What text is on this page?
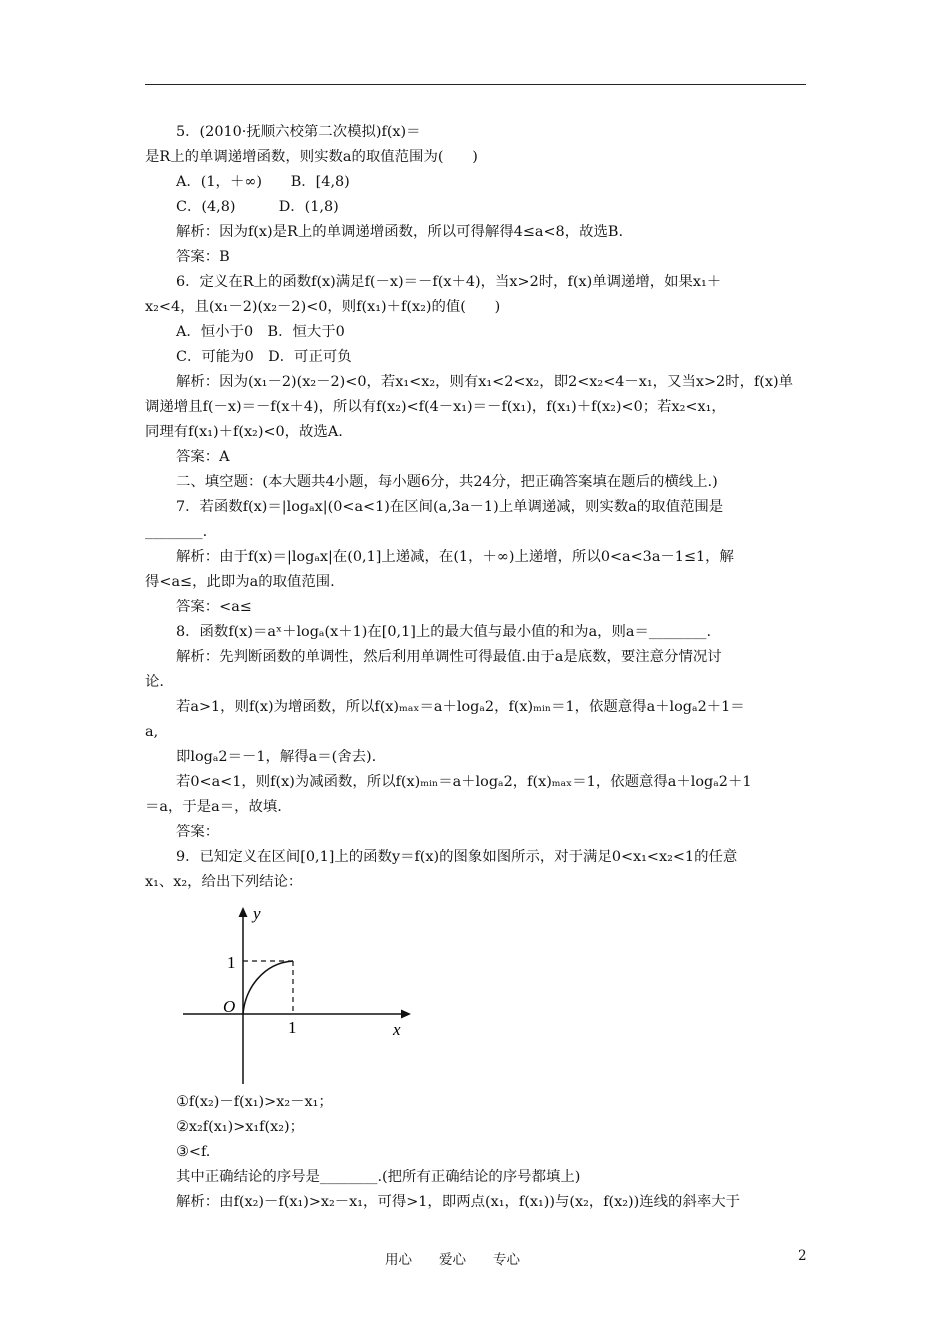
5．(2010·抚顺六校第二次模拟)f(x)＝
是R上的单调递增函数，则实数a的取值范围为(　　)
A．(1，＋∞)　　B．[4,8)
C．(4,8)　　　D．(1,8)
解析：因为f(x)是R上的单调递增函数，所以可得解得4≤a<8，故选B.
答案：B
6．定义在R上的函数f(x)满足f(－x)＝－f(x＋4)，当x>2时，f(x)单调递增，如果x₁＋
x₂<4，且(x₁－2)(x₂－2)<0，则f(x₁)＋f(x₂)的值(　　)
A．恒小于0　B．恒大于0
C．可能为0　D．可正可负
解析：因为(x₁－2)(x₂－2)<0，若x₁<x₂，则有x₁<2<x₂，即2<x₂<4－x₁，又当x>2时，f(x)单
调递增且f(－x)＝－f(x＋4)，所以有f(x₂)<f(4－x₁)＝－f(x₁)，f(x₁)＋f(x₂)<0；若x₂<x₁，
同理有f(x₁)＋f(x₂)<0，故选A.
答案：A
二、填空题：(本大题共4小题，每小题6分，共24分，把正确答案填在题后的横线上.)
7．若函数f(x)＝|logₐx|(0<a<1)在区间(a,3a－1)上单调递减，则实数a的取值范围是
________.
解析：由于f(x)＝|logₐx|在(0,1]上递减，在(1，＋∞)上递增，所以0<a<3a－1≤1，解
得<a≤，此即为a的取值范围.
答案：<a≤
8．函数f(x)＝aˣ＋logₐ(x＋1)在[0,1]上的最大值与最小值的和为a，则a＝________.
解析：先判断函数的单调性，然后利用单调性可得最值.由于a是底数，要注意分情况讨
论.
若a>1，则f(x)为增函数，所以f(x)ₘₐₓ＝a＋logₐ2，f(x)ₘᵢₙ＝1，依题意得a＋logₐ2＋1＝
a,
即logₐ2＝－1，解得a＝(舍去).
若0<a<1，则f(x)为减函数，所以f(x)ₘᵢₙ＝a＋logₐ2，f(x)ₘₐₓ＝1，依题意得a＋logₐ2＋1
＝a，于是a＝，故填.
答案：
9．已知定义在区间[0,1]上的函数y＝f(x)的图象如图所示，对于满足0<x₁<x₂<1的任意
x₁、x₂，给出下列结论：
y
x
O
1
1
①f(x₂)－f(x₁)>x₂－x₁；
②x₂f(x₁)>x₁f(x₂)；
③<f.
其中正确结论的序号是________.(把所有正确结论的序号都填上)
解析：由f(x₂)－f(x₁)>x₂－x₁，可得>1，即两点(x₁，f(x₁))与(x₂，f(x₂))连线的斜率大于
用心　　爱心　　专心	2
